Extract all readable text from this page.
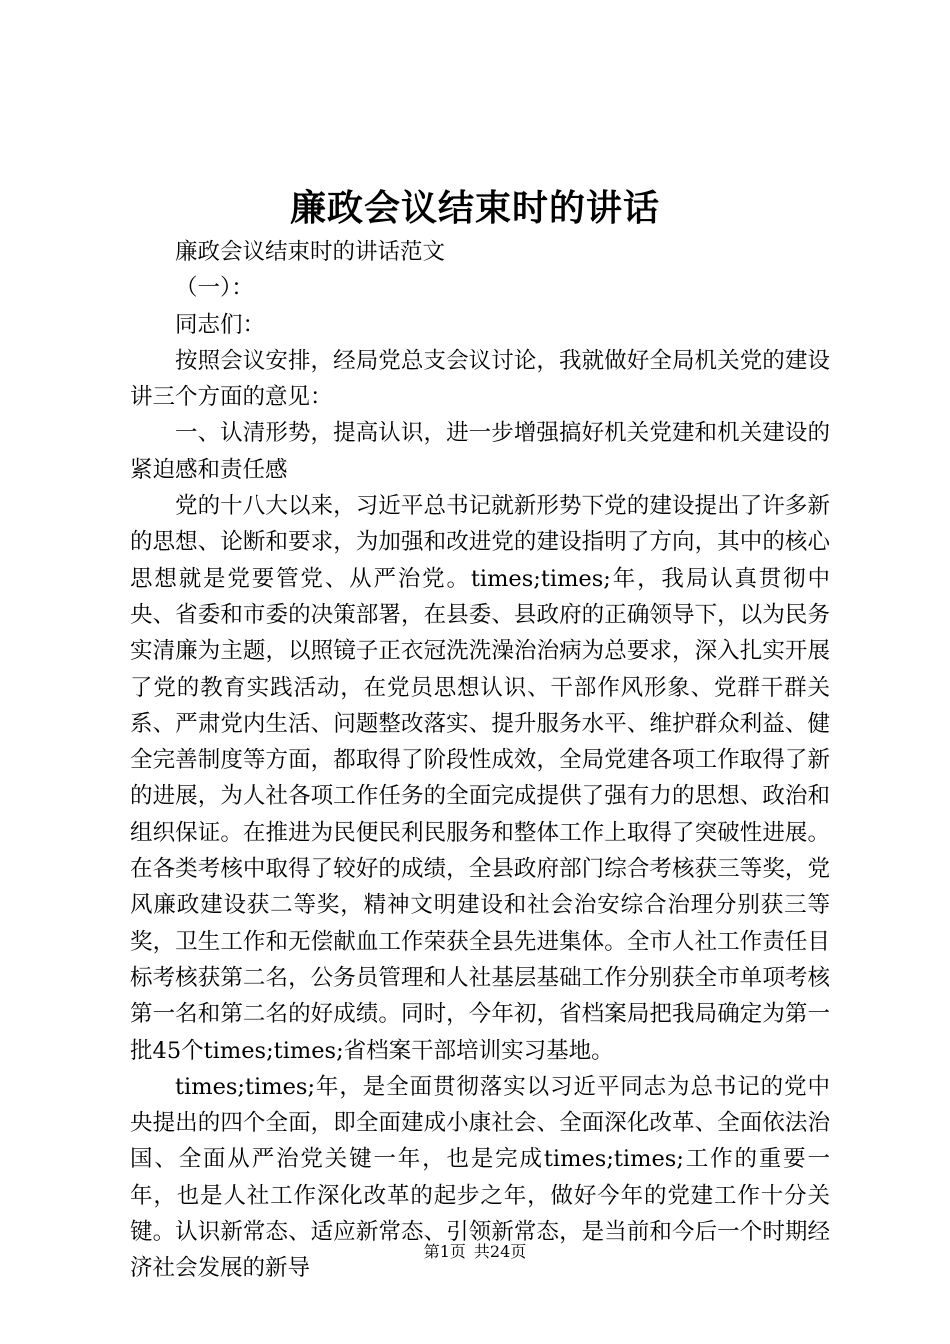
廉政会议结束时的讲话

廉政会议结束时的讲话范文

（一）：

同志们：

按照会议安排，经局党总支会议讨论，我就做好全局机关党的建设讲三个方面的意见：

一、认清形势，提高认识，进一步增强搞好机关党建和机关建设的紧迫感和责任感

党的十八大以来，习近平总书记就新形势下党的建设提出了许多新的思想、论断和要求，为加强和改进党的建设指明了方向，其中的核心思想就是党要管党、从严治党。times;times;年，我局认真贯彻中央、省委和市委的决策部署，在县委、县政府的正确领导下，以为民务实清廉为主题，以照镜子正衣冠洗洗澡治治病为总要求，深入扎实开展了党的教育实践活动，在党员思想认识、干部作风形象、党群干群关系、严肃党内生活、问题整改落实、提升服务水平、维护群众利益、健全完善制度等方面，都取得了阶段性成效，全局党建各项工作取得了新的进展，为人社各项工作任务的全面完成提供了强有力的思想、政治和组织保证。在推进为民便民利民服务和整体工作上取得了突破性进展。在各类考核中取得了较好的成绩，全县政府部门综合考核获三等奖，党风廉政建设获二等奖，精神文明建设和社会治安综合治理分别获三等奖，卫生工作和无偿献血工作荣获全县先进集体。全市人社工作责任目标考核获第二名，公务员管理和人社基层基础工作分别获全市单项考核第一名和第二名的好成绩。同时，今年初，省档案局把我局确定为第一批45个times;times;省档案干部培训实习基地。

times;times;年，是全面贯彻落实以习近平同志为总书记的党中央提出的四个全面，即全面建成小康社会、全面深化改革、全面依法治国、全面从严治党关键一年，也是完成times;times;工作的重要一年，也是人社工作深化改革的起步之年，做好今年的党建工作十分关键。认识新常态、适应新常态、引领新常态，是当前和今后一个时期经济社会发展的新导

第1页 共24页
